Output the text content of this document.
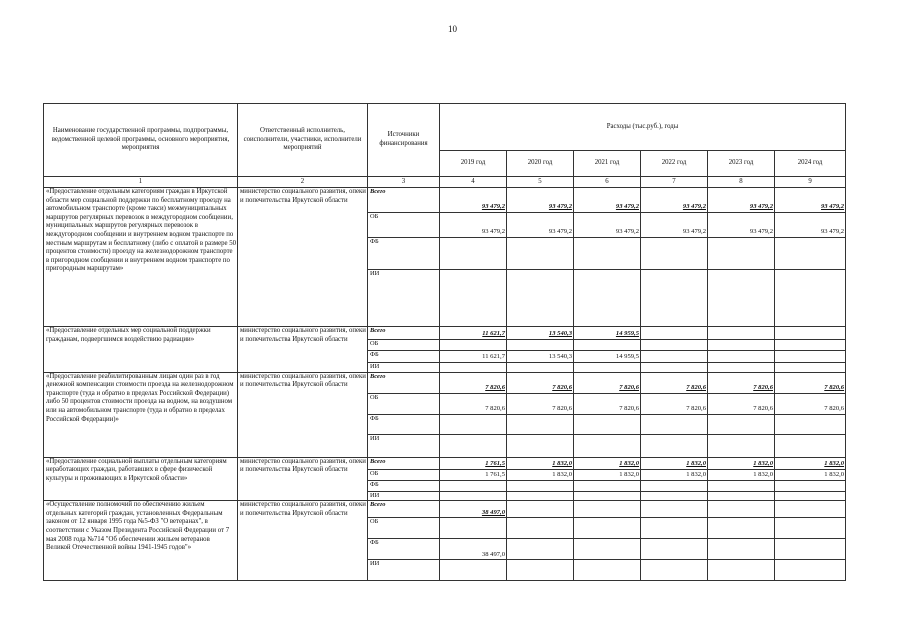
10
Наименование государственной программы, подпрограммы, ведомственной целевой программы, основного мероприятия, мероприятия	Ответственный исполнитель, соисполнители, участники, исполнители мероприятий	Источники финансирования	Расходы (тыс.руб.), годы					
			2019 год	2020 год	2021 год	2022 год	2023 год	2024 год
1	2	3	4	5	6	7	8	9
«Предоставление отдельным категориям граждан в Иркутской области мер социальной поддержки по бесплатному проезду на автомобильном транспорте (кроме такси) межмуниципальных маршрутов регулярных перевозок в междугородном сообщении, муниципальных маршрутов регулярных перевозок в междугородном сообщении и внутреннем водном транспорте по местным маршрутам и бесплатному (либо с оплатой в размере 50 процентов стоимости) проезду на железнодорожном транспорте в пригородном сообщении и внутреннем водном транспорте по пригородным маршрутам»	министерство социального развития, опеки и попечительства Иркутской области	Всего	93 479,2	93 479,2	93 479,2	93 479,2	93 479,2	93 479,2
		ОБ	93 479,2	93 479,2	93 479,2	93 479,2	93 479,2	93 479,2
		ФБ						
		ИИ						
«Предоставление отдельных мер социальной поддержки гражданам, подвергшимся воздействию радиации»	министерство социального развития, опеки и попечительства Иркутской области	Всего	11 621,7	13 540,3	14 959,5			
		ОБ						
		ФБ	11 621,7	13 540,3	14 959,5			
		ИИ						
«Предоставление реабилитированным лицам один раз в год денежной компенсации стоимости проезда на железнодорожном транспорте (туда и обратно в пределах Российской Федерации) либо 50 процентов стоимости проезда на водном, на воздушном или на автомобильном транспорте (туда и обратно в пределах Российской Федерации)»	министерство социального развития, опеки и попечительства Иркутской области	Всего	7 820,6	7 820,6	7 820,6	7 820,6	7 820,6	7 820,6
		ОБ	7 820,6	7 820,6	7 820,6	7 820,6	7 820,6	7 820,6
		ФБ						
		ИИ						
«Предоставление социальной выплаты отдельным категориям неработающих граждан, работавших в сфере физической культуры и проживающих в Иркутской области»	министерство социального развития, опеки и попечительства Иркутской области	Всего	1 761,5	1 832,0	1 832,0	1 832,0	1 832,0	1 832,0
		ОБ	1 761,5	1 832,0	1 832,0	1 832,0	1 832,0	1 832,0
		ФБ						
		ИИ						
«Осуществление полномочий по обеспечению жильем отдельных категорий граждан, установленных Федеральным законом от 12 января 1995 года №5-ФЗ "О ветеранах", в соответствии с Указом Президента Российской Федерации от 7 мая 2008 года №714 "Об обеспечении жильем ветеранов Великой Отечественной войны 1941-1945 годов"»	министерство социального развития, опеки и попечительства Иркутской области	Всего	38 497,0					
		ОБ						
		ФБ	38 497,0					
		ИИ						
